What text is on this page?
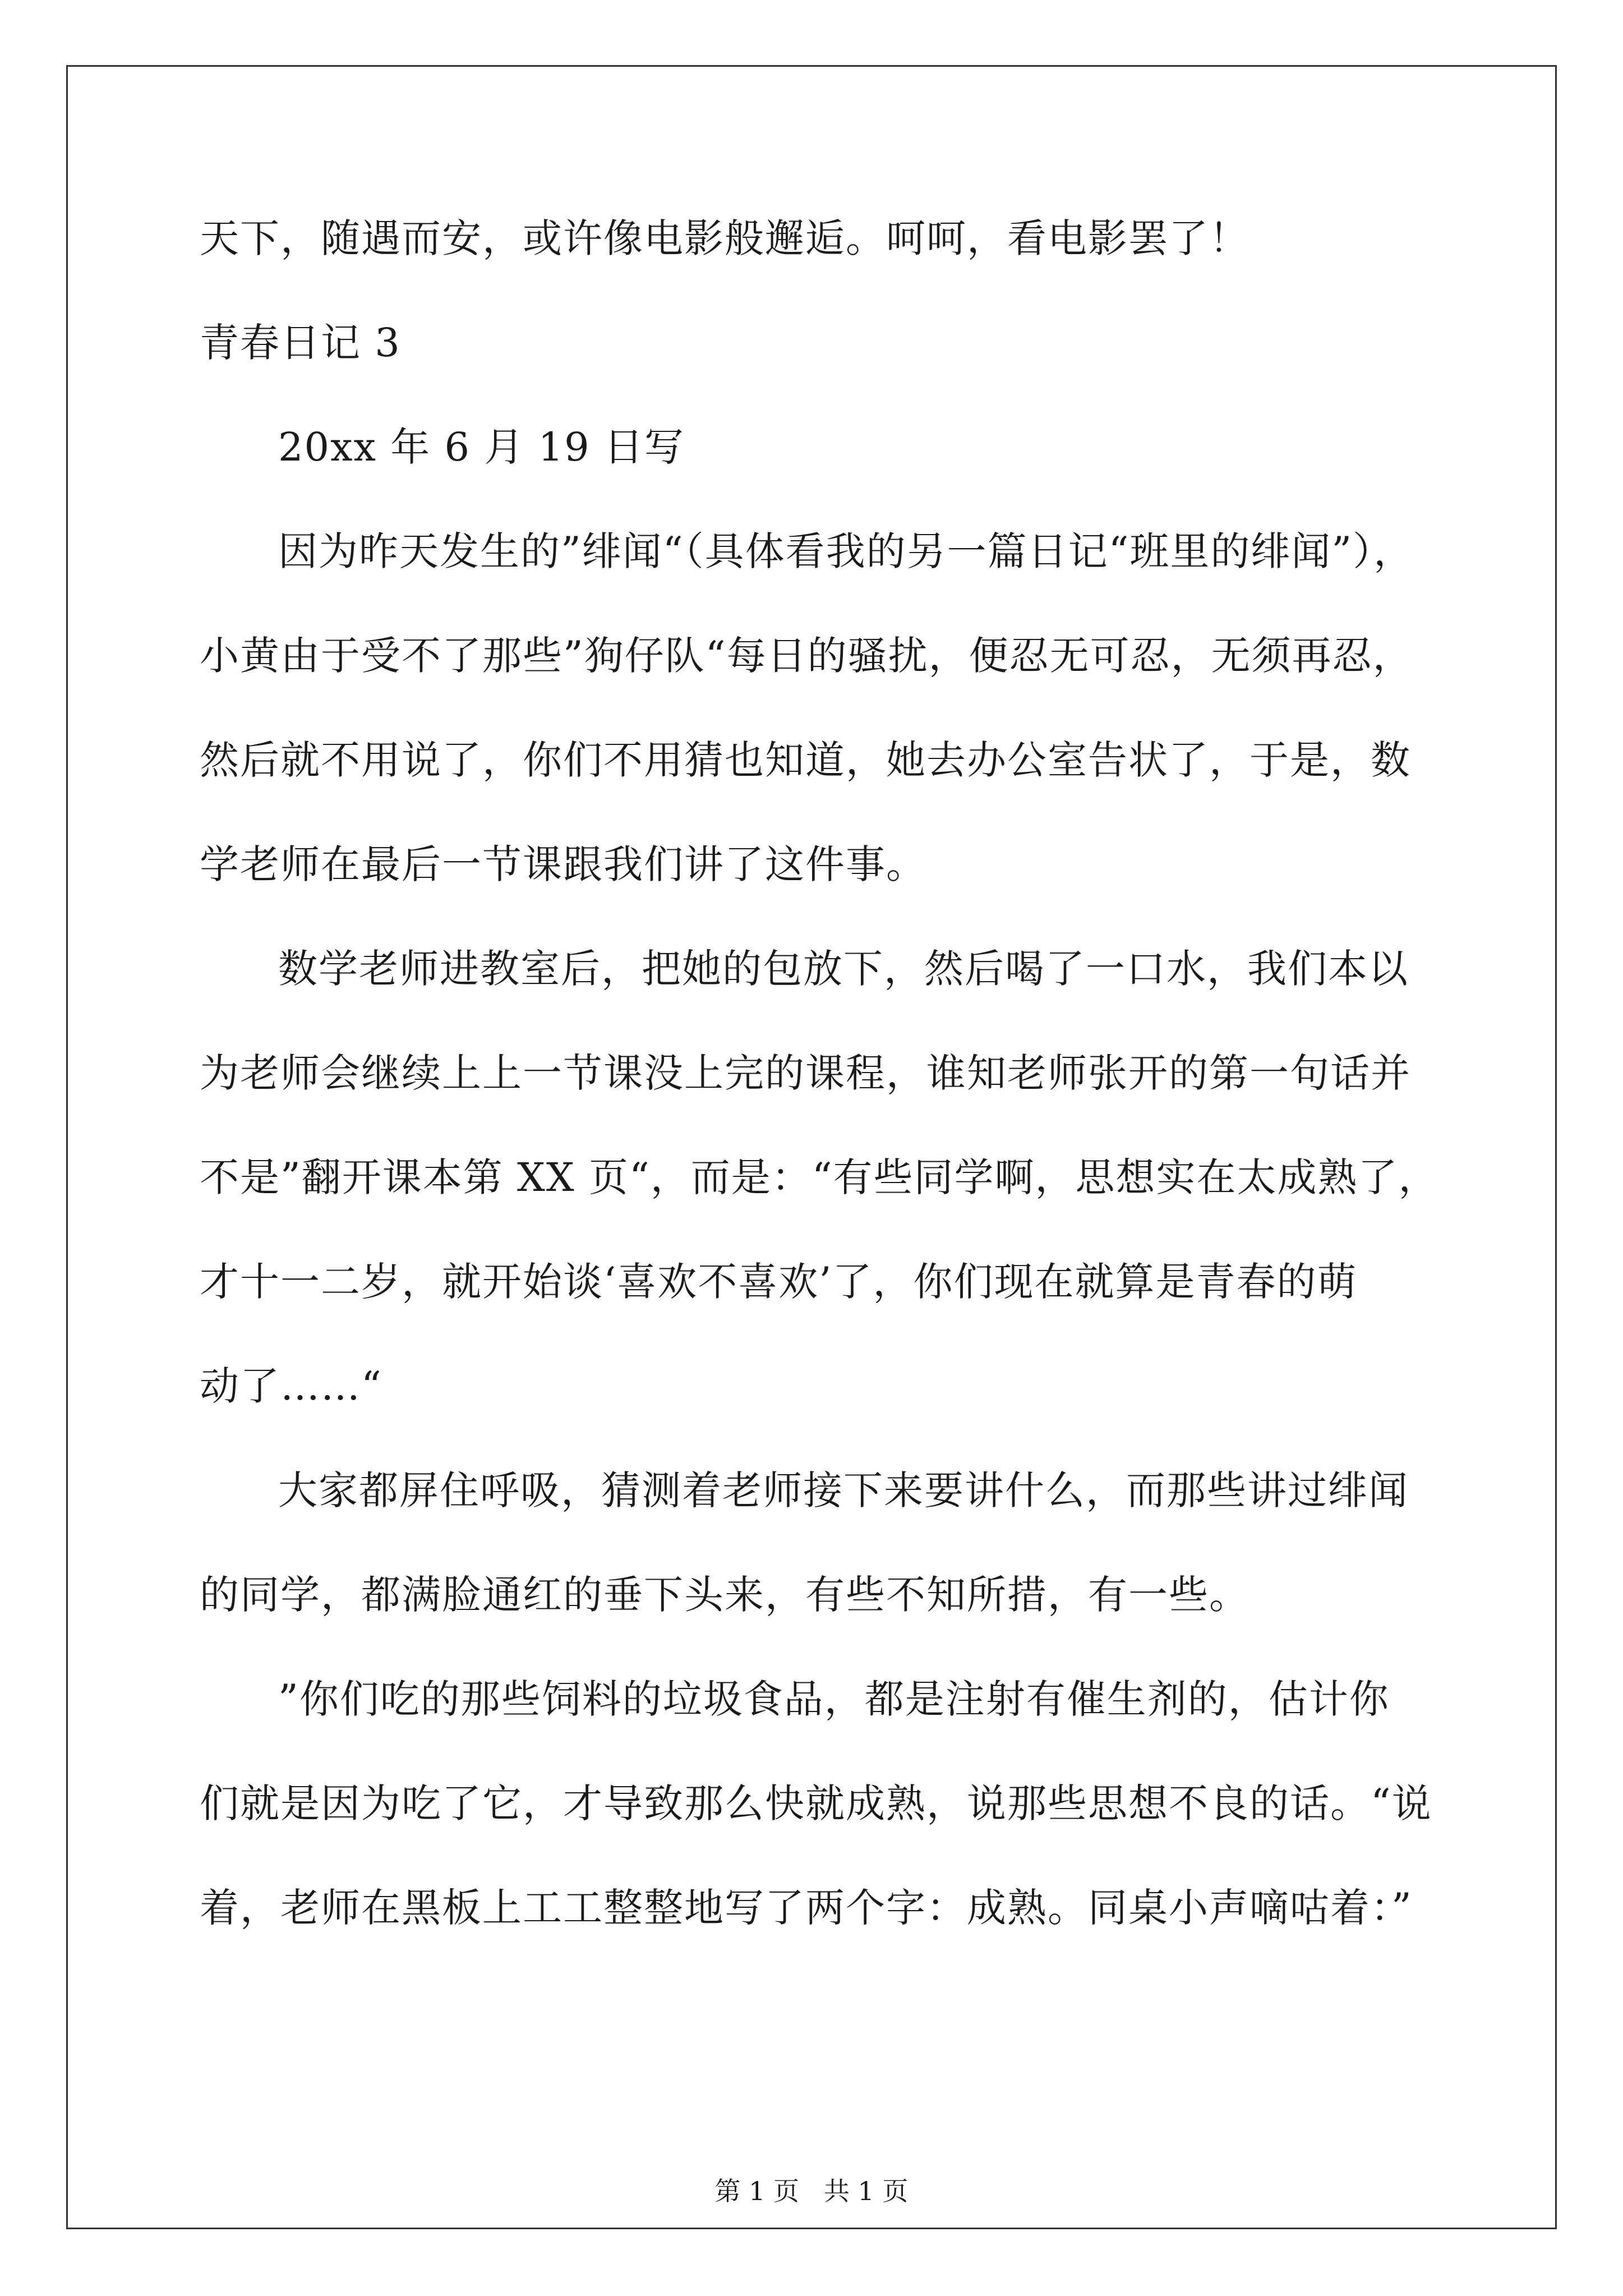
天下，随遇而安，或许像电影般邂逅。呵呵，看电影罢了！
青春日记 3
20xx 年 6 月 19 日写
因为昨天发生的”绯闻“（具体看我的另一篇日记“班里的绯闻”），
小黄由于受不了那些”狗仔队“每日的骚扰，便忍无可忍，无须再忍，
然后就不用说了，你们不用猜也知道，她去办公室告状了，于是，数
学老师在最后一节课跟我们讲了这件事。
数学老师进教室后，把她的包放下，然后喝了一口水，我们本以
为老师会继续上上一节课没上完的课程，谁知老师张开的第一句话并
不是”翻开课本第 XX 页“，而是：“有些同学啊，思想实在太成熟了，
才十一二岁，就开始谈‘喜欢不喜欢’了，你们现在就算是青春的萌
动了……“
大家都屏住呼吸，猜测着老师接下来要讲什么，而那些讲过绯闻
的同学，都满脸通红的垂下头来，有些不知所措，有一些。
”你们吃的那些饲料的垃圾食品，都是注射有催生剂的，估计你
们就是因为吃了它，才导致那么快就成熟，说那些思想不良的话。“说
着，老师在黑板上工工整整地写了两个字：成熟。同桌小声嘀咕着：”
第 1 页   共 1 页
